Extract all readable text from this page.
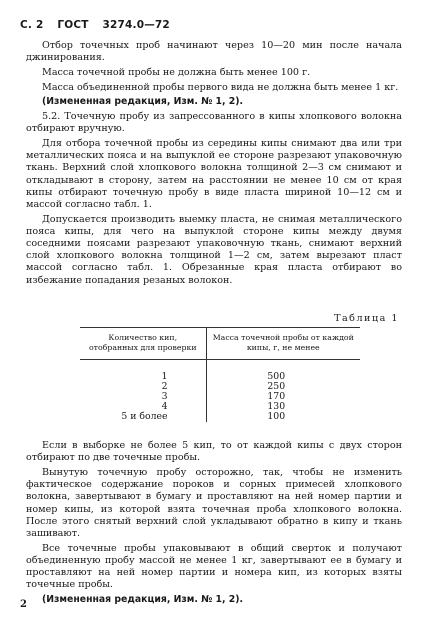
С. 2 ГОСТ 3274.0—72

Отбор точечных проб начинают через 10—20 мин после начала джинирования.

Масса точечной пробы не должна быть менее 100 г.

Масса объединенной пробы первого вида не должна быть менее 1 кг.

(Измененная редакция, Изм. № 1, 2).

5.2. Точечную пробу из запрессованного в кипы хлопкового волокна отбирают вручную.

Для отбора точечной пробы из середины кипы снимают два или три металлических пояса и на выпуклой ее стороне разрезают упаковочную ткань. Верхний слой хлопкового волокна толщиной 2—3 см снимают и откладывают в сторону, затем на расстоянии не менее 10 см от края кипы отбирают точечную пробу в виде пласта шириной 10—12 см и массой согласно табл. 1.

Допускается производить выемку пласта, не снимая металлического пояса кипы, для чего на выпуклой стороне кипы между двумя соседними поясами разрезают упаковочную ткань, снимают верхний слой хлопкового волокна толщиной 1—2 см, затем вырезают пласт массой согласно табл. 1. Обрезанные края пласта отбирают во избежание попадания резаных волокон.

Таблица 1
Количество кип, отобранных для проверки	Масса точечной пробы от каждой кипы, г, не менее
1	500
2	250
3	170
4	130
5 и более	100

Если в выборке не более 5 кип, то от каждой кипы с двух сторон отбирают по две точечные пробы.

Вынутую точечную пробу осторожно, так, чтобы не изменить фактическое содержание пороков и сорных примесей хлопкового волокна, завертывают в бумагу и проставляют на ней номер партии и номер кипы, из которой взята точечная проба хлопкового волокна. После этого снятый верхний слой укладывают обратно в кипу и ткань зашивают.

Все точечные пробы упаковывают в общий сверток и получают объединенную пробу массой не менее 1 кг, завертывают ее в бумагу и проставляют на ней номер партии и номера кип, из которых взяты точечные пробы.

(Измененная редакция, Изм. № 1, 2).

2
